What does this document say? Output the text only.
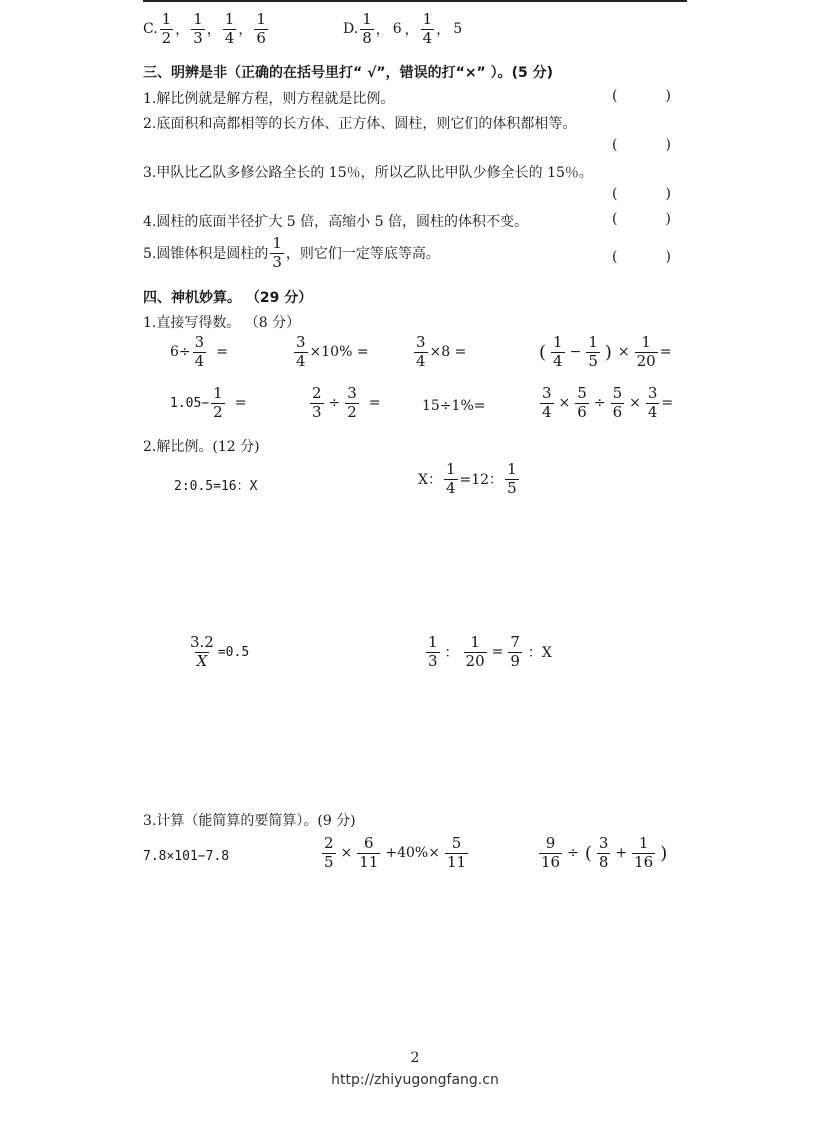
C. $\frac{1}{2}$ ， $\frac{1}{3}$ ， $\frac{1}{4}$ ， $\frac{1}{6}$	D. $\frac{1}{8}$ ， 6 ， $\frac{1}{4}$ ， 5
三、明辨是非（正确的在括号里打“ √”，错误的打“×” ）。(5 分)
1.解比例就是解方程，则方程就是比例。	(	)
2.底面积和高都相等的长方体、正方体、圆柱，则它们的体积都相等。
(	)
3.甲队比乙队多修公路全长的 15％，所以乙队比甲队少修全长的 15％。
(	)
4.圆柱的底面半径扩大 5 倍，高缩小 5 倍，圆柱的体积不变。	(	)
5.圆锥体积是圆柱的 $\frac{1}{3}$ ，则它们一定等底等高。	(	)
四、神机妙算。 （29 分）
1.直接写得数。 （8 分）
$6\div \frac{3}{4}$ =	$\frac{3}{4} \times 10\%$ =	$\frac{3}{4} \times 8$ =	( $\frac{1}{4} - \frac{1}{5}$ ) × $\frac{1}{20}$ =
$1.05- \frac{1}{2}$ =	$\frac{2}{3} \div \frac{3}{2}$ =	15÷1%=	$\frac{3}{4} \times \frac{5}{6} \div \frac{5}{6} \times \frac{3}{4}$ =
2.解比例。(12 分)
2:0.5=16：X	X： $\frac{1}{4} =12$： $\frac{1}{5}$
$\frac{3.2}{X} =0.5$	$\frac{1}{3}$ ： $\frac{1}{20} = \frac{7}{9}$ ：X
3.计算（能简算的要简算）。(9 分)
7.8×101−7.8	$\frac{2}{5} \times \frac{6}{11} +40\%\times \frac{5}{11}$	$\frac{9}{16}$ ÷ ( $\frac{3}{8} + \frac{1}{16}$ )
2
http://zhiyugongfang.cn
